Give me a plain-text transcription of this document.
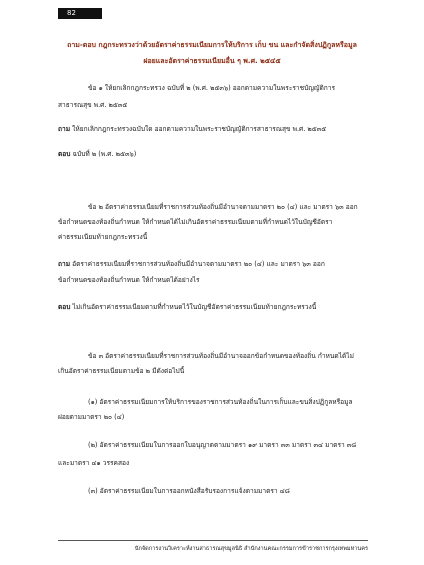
82
ถาม-ตอบ กฎกระทรวงว่าด้วยอัตราค่าธรรมเนียมการให้บริการ เก็บ ขน และกำจัดสิ่งปฏิกูลหรือมูล
ฝอยและอัตราค่าธรรมเนียมอื่น ๆ พ.ศ. ๒๕๔๕
ข้อ ๑ ให้ยกเลิกกฎกระทรวง ฉบับที่ ๒ (พ.ศ. ๒๕๓๖) ออกตามความในพระราชบัญญัติการ
สาธารณสุข พ.ศ. ๒๕๓๕
ถาม ให้ยกเลิกกฎกระทรวงฉบับใด ออกตามความในพระราชบัญญัติการสาธารณสุข พ.ศ. ๒๕๓๕
ตอบ ฉบับที่ ๒ (พ.ศ. ๒๕๓๖)
ข้อ ๒ อัตราค่าธรรมเนียมที่ราชการส่วนท้องถิ่นมีอำนาจตามมาตรา ๒๐ (๔) และ มาตรา ๖๓ ออก
ข้อกำหนดของท้องถิ่นกำหนด ให้กำหนดได้ไม่เกินอัตราค่าธรรมเนียมตามที่กำหนดไว้ในบัญชีอัตรา
ค่าธรรมเนียมท้ายกฎกระทรวงนี้
ถาม อัตราค่าธรรมเนียมที่ราชการส่วนท้องถิ่นมีอำนาจตามมาตรา ๒๐ (๔) และ มาตรา ๖๓ ออก
ข้อกำหนดของท้องถิ่นกำหนด ให้กำหนดได้อย่างไร
ตอบ ไม่เกินอัตราค่าธรรมเนียมตามที่กำหนดไว้ในบัญชีอัตราค่าธรรมเนียมท้ายกฎกระทรวงนี้
ข้อ ๓ อัตราค่าธรรมเนียมที่ราชการส่วนท้องถิ่นมีอำนาจออกข้อกำหนดของท้องถิ่น กำหนดได้ไม่
เกินอัตราค่าธรรมเนียมตามข้อ ๒ มีดังต่อไปนี้
(๑) อัตราค่าธรรมเนียมการให้บริการของราชการส่วนท้องถิ่นในการเก็บและขนสิ่งปฏิกูลหรือมูล
ฝอยตามมาตรา ๒๐ (๔)
(๒) อัตราค่าธรรมเนียมในการออกใบอนุญาตตามมาตรา ๑๙ มาตรา ๓๓ มาตรา ๓๔ มาตรา ๓๘
และมาตรา ๔๑ วรรคสอง
(๓) อัตราค่าธรรมเนียมในการออกหนังสือรับรองการแจ้งตามมาตรา ๔๘
นักจัดการงานวิเคราะห์งานสาธารณสุขมูลนิธิ สำนักงานคณะกรรมการข้าราชการกรุงเทพมหานคร
